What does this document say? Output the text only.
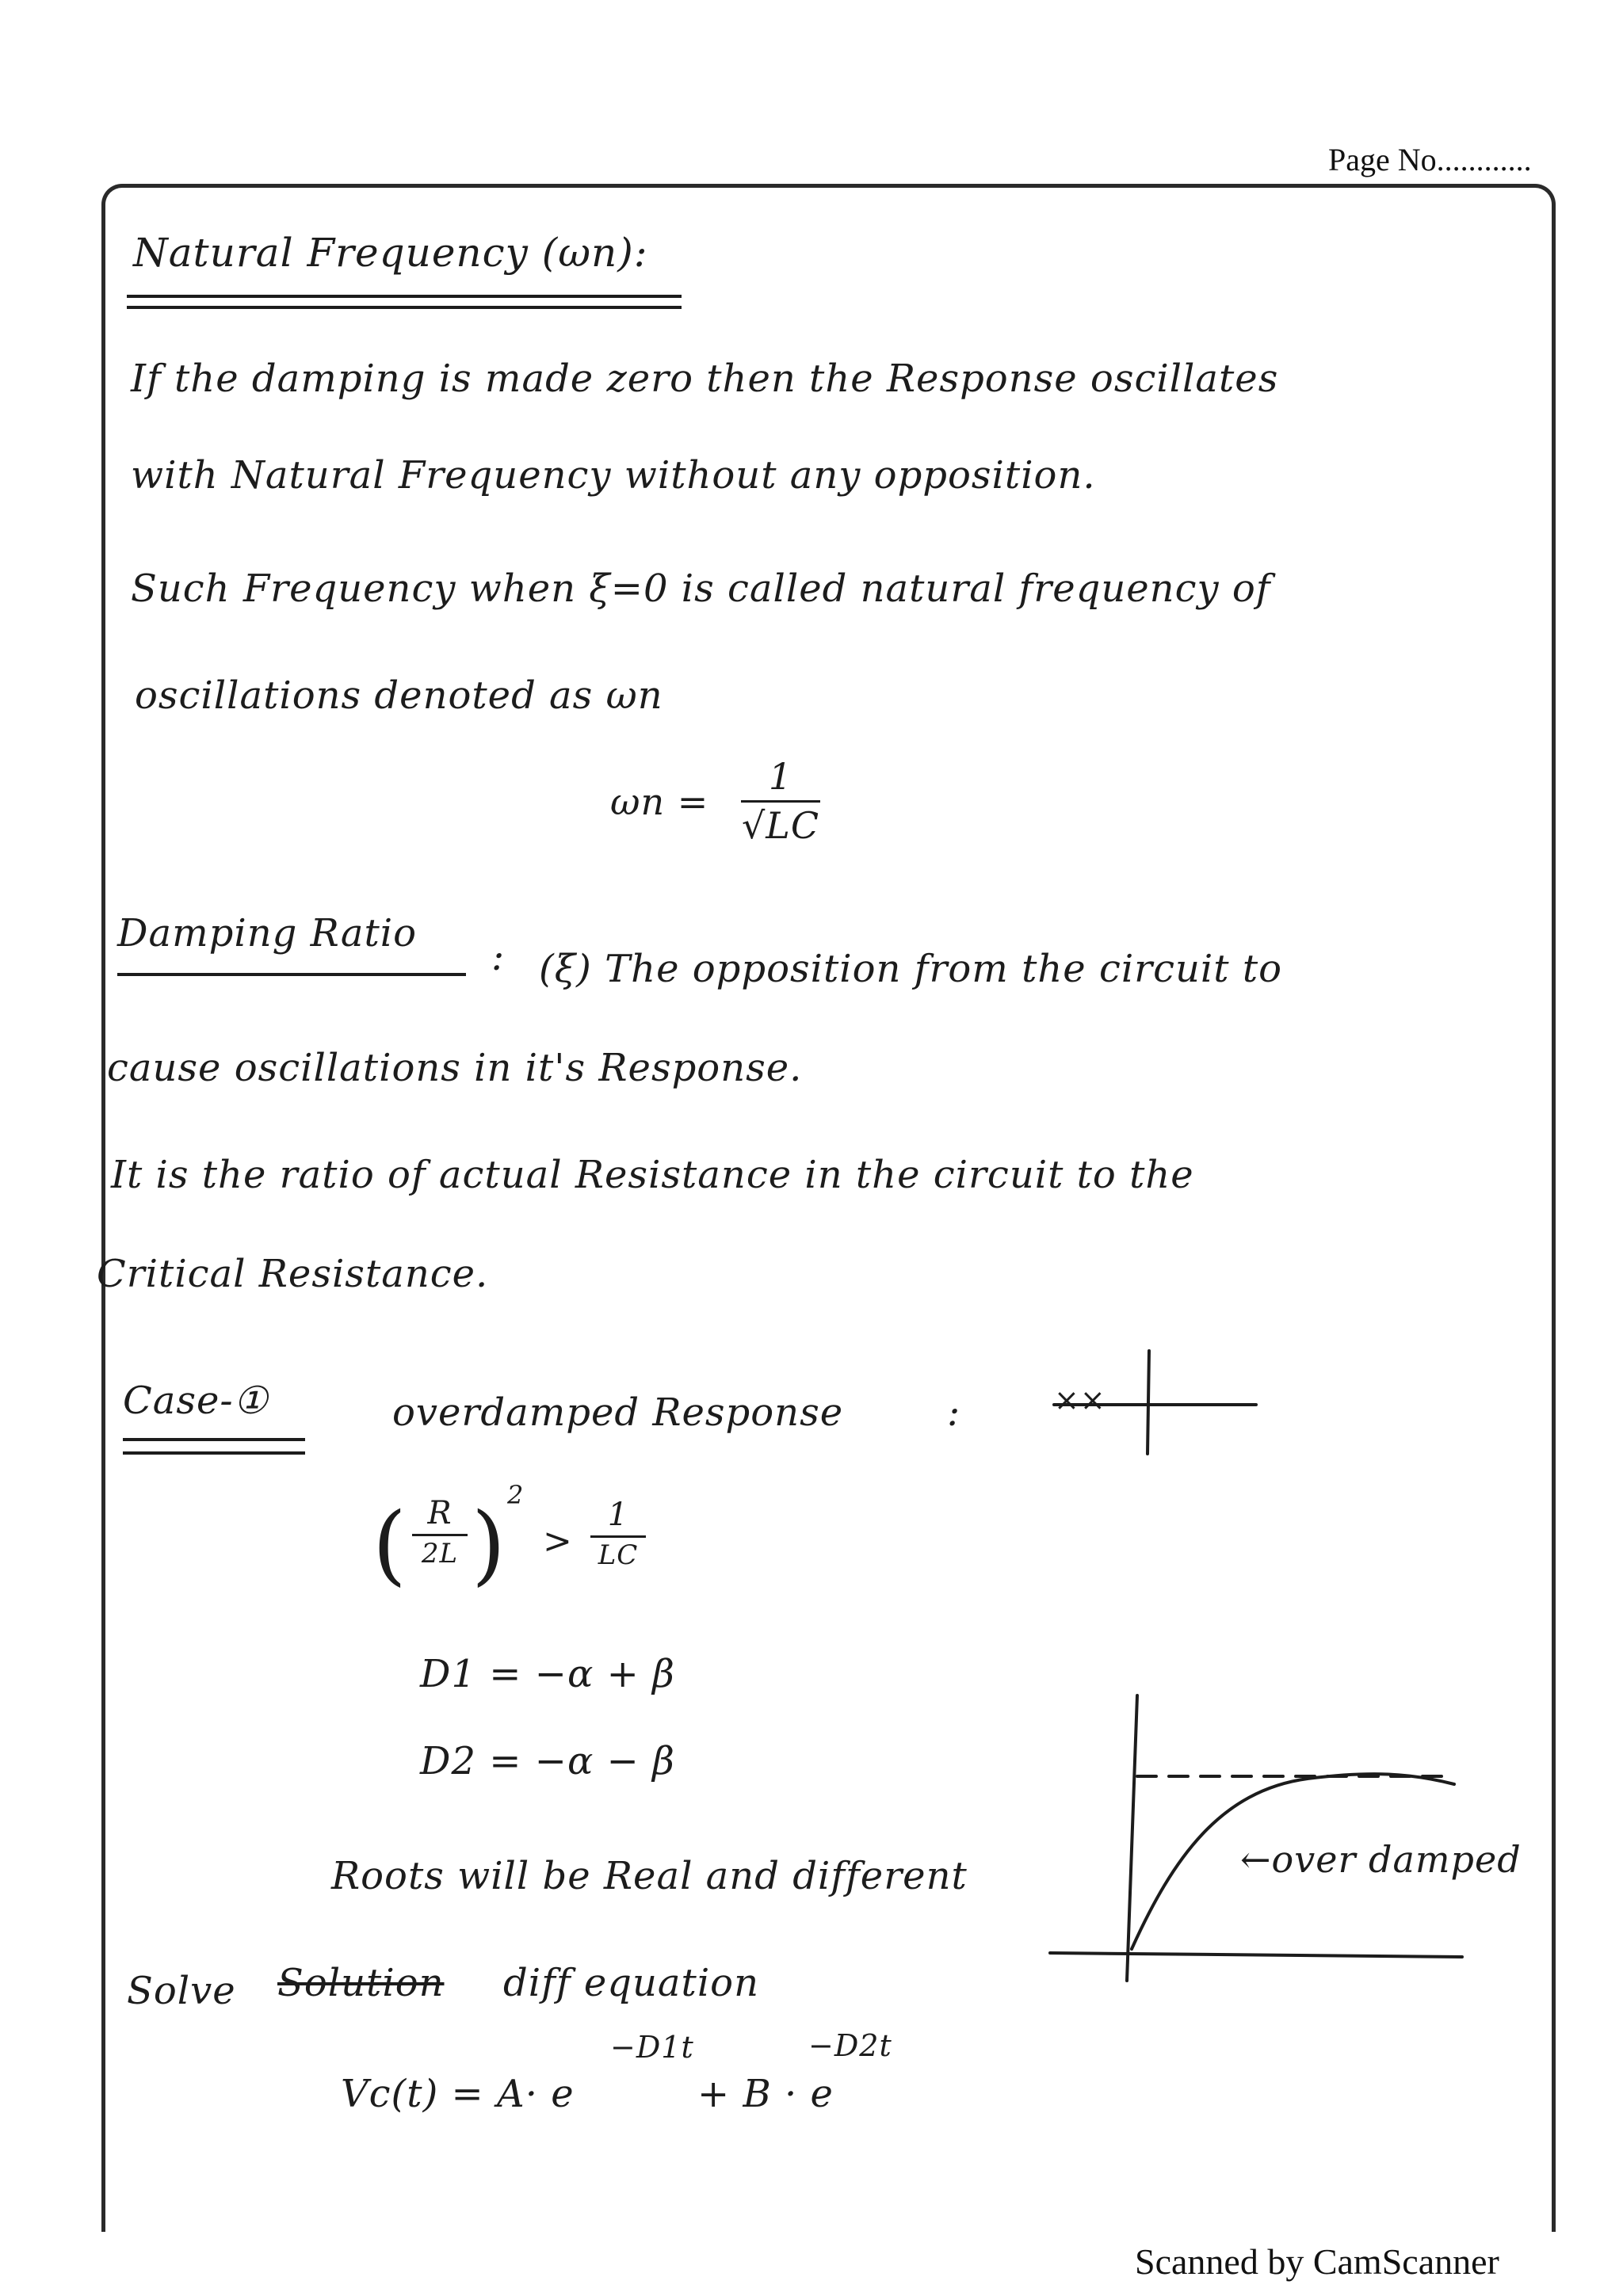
Page No............
Natural Frequency (ωn):
If the damping is made zero then the Response oscillates
with Natural Frequency without any opposition.
Such Frequency when ξ=0 is called natural frequency of
oscillations denoted as ωn
ωn =
1
√LC
Damping Ratio
: (ξ) The opposition from the circuit to
cause oscillations in it's Response.
It is the ratio of actual Resistance in the circuit to the
Critical Resistance.
Case-①	overdamped Response	:	××
( R
2L ) 2
>
1
LC
D1 = −α + β
D2 = −α − β
←over damped
Roots will be Real and different
Solve Solution diff equation
Vc(t) = A· e
−D1t
+ B · e
−D2t
Scanned by CamScanner
